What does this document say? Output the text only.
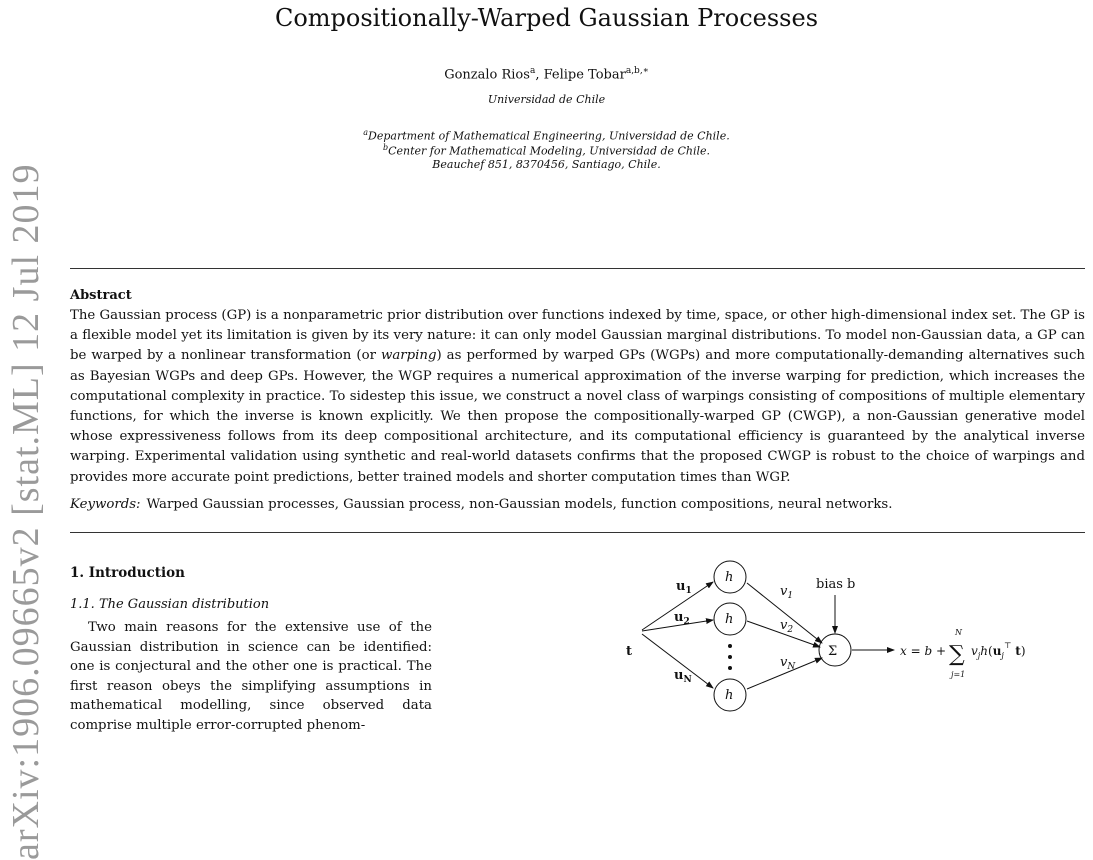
arXiv:1906.09665v2 [stat.ML] 12 Jul 2019
Compositionally-Warped Gaussian Processes
Gonzalo Rios$^a$, Felipe Tobar$^{a,b,∗}$
Universidad de Chile
$^a$Department of Mathematical Engineering, Universidad de Chile.
$^b$Center for Mathematical Modeling, Universidad de Chile.
Beauchef 851, 8370456, Santiago, Chile.
Abstract

The Gaussian process (GP) is a nonparametric prior distribution over functions indexed by time, space, or other high-dimensional index set. The GP is a flexible model yet its limitation is given by its very nature: it can only model Gaussian marginal distributions. To model non-Gaussian data, a GP can be warped by a nonlinear transformation (or warping) as performed by warped GPs (WGPs) and more computationally-demanding alternatives such as Bayesian WGPs and deep GPs. However, the WGP requires a numerical approximation of the inverse warping for prediction, which increases the computational complexity in practice. To sidestep this issue, we construct a novel class of warpings consisting of compositions of multiple elementary functions, for which the inverse is known explicitly. We then propose the compositionally-warped GP (CWGP), a non-Gaussian generative model whose expressiveness follows from its deep compositional architecture, and its computational efficiency is guaranteed by the analytical inverse warping. Experimental validation using synthetic and real-world datasets confirms that the proposed CWGP is robust to the choice of warpings and provides more accurate point predictions, better trained models and shorter computation times than WGP.

Keywords: Warped Gaussian processes, Gaussian process, non-Gaussian models, function compositions, neural networks.
1. Introduction
1.1. The Gaussian distribution

Two main reasons for the extensive use of the Gaussian distribution in science can be identified: one is conjectural and the other one is practical. The first reason obeys the simplifying assumptions in mathematical modelling, since observed data comprise multiple error-corrupted phenom-

t
h
h
h
Σ
$u_1$
$u_2$
$u_N$
$v_1$
$v_2$
$v_N$
bias b
x = b + ∑
N
j=1
$v_jh(u_j^⊤$ t)
